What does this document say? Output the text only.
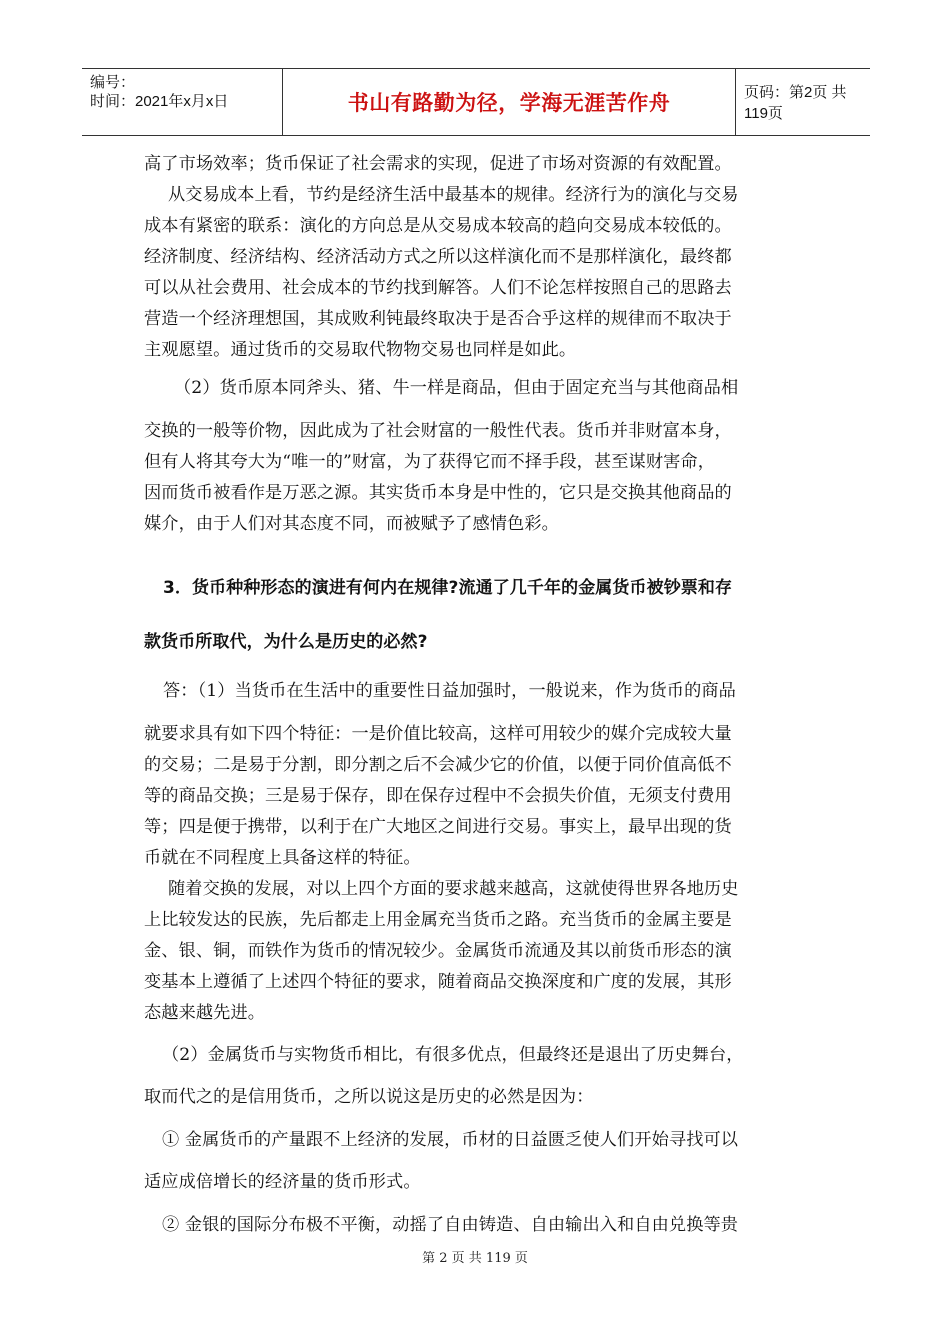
编号：
时间：2021年x月x日	书山有路勤为径，学海无涯苦作舟	页码：第2页 共119页
高了市场效率；货币保证了社会需求的实现，促进了市场对资源的有效配置。
从交易成本上看，节约是经济生活中最基本的规律。经济行为的演化与交易
成本有紧密的联系：演化的方向总是从交易成本较高的趋向交易成本较低的。
经济制度、经济结构、经济活动方式之所以这样演化而不是那样演化，最终都
可以从社会费用、社会成本的节约找到解答。人们不论怎样按照自己的思路去
营造一个经济理想国，其成败利钝最终取决于是否合乎这样的规律而不取决于
主观愿望。通过货币的交易取代物物交易也同样是如此。
（2）货币原本同斧头、猪、牛一样是商品，但由于固定充当与其他商品相
交换的一般等价物，因此成为了社会财富的一般性代表。货币并非财富本身，
但有人将其夸大为“唯一的”财富，为了获得它而不择手段，甚至谋财害命，
因而货币被看作是万恶之源。其实货币本身是中性的，它只是交换其他商品的
媒介，由于人们对其态度不同，而被赋予了感情色彩。
3．货币种种形态的演进有何内在规律?流通了几千年的金属货币被钞票和存
款货币所取代，为什么是历史的必然?
答：（1）当货币在生活中的重要性日益加强时，一般说来，作为货币的商品
就要求具有如下四个特征：一是价值比较高，这样可用较少的媒介完成较大量
的交易；二是易于分割，即分割之后不会减少它的价值，以便于同价值高低不
等的商品交换；三是易于保存，即在保存过程中不会损失价值，无须支付费用
等；四是便于携带，以利于在广大地区之间进行交易。事实上，最早出现的货
币就在不同程度上具备这样的特征。
随着交换的发展，对以上四个方面的要求越来越高，这就使得世界各地历史
上比较发达的民族，先后都走上用金属充当货币之路。充当货币的金属主要是
金、银、铜，而铁作为货币的情况较少。金属货币流通及其以前货币形态的演
变基本上遵循了上述四个特征的要求，随着商品交换深度和广度的发展，其形
态越来越先进。
（2）金属货币与实物货币相比，有很多优点，但最终还是退出了历史舞台，
取而代之的是信用货币，之所以说这是历史的必然是因为：
① 金属货币的产量跟不上经济的发展，币材的日益匮乏使人们开始寻找可以
适应成倍增长的经济量的货币形式。
② 金银的国际分布极不平衡，动摇了自由铸造、自由输出入和自由兑换等贵
第 2 页 共 119 页
